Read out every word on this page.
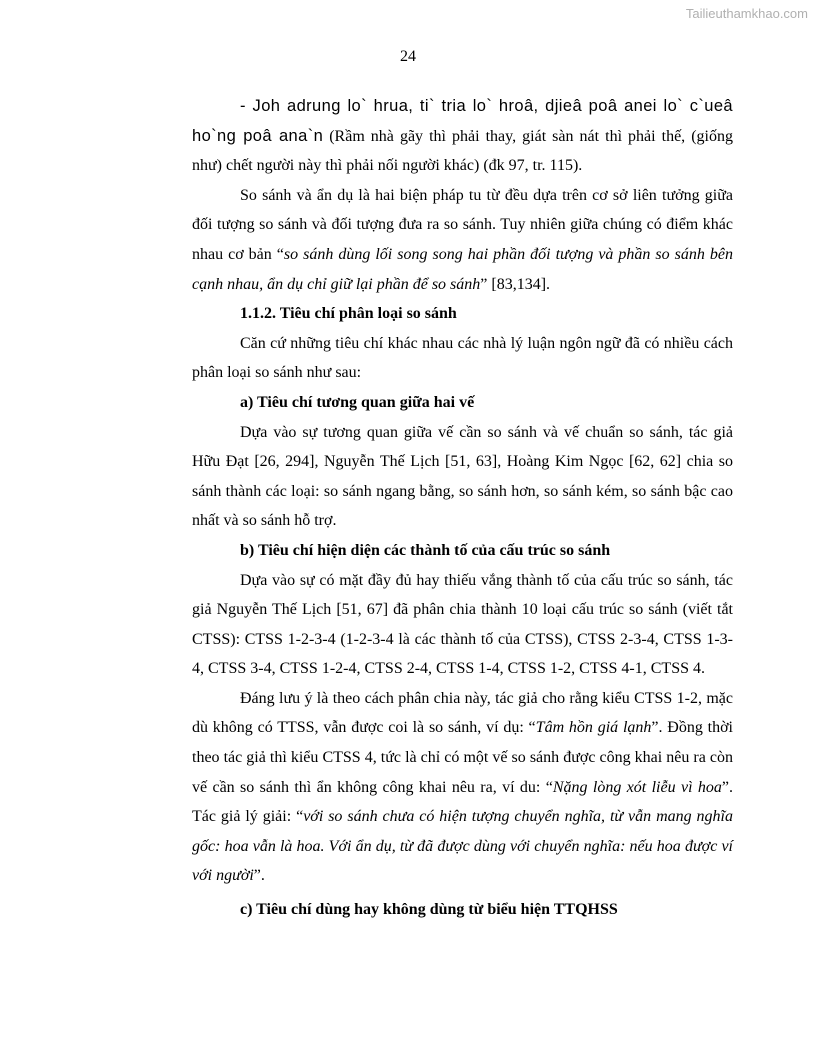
Tailieuthamkhao.com
24

- Joh adrung lo` hrua, ti` tria lo` hroâ, djieâ poâ anei lo` c`ueâ ho`ng poâ ana`n (Rầm nhà gãy thì phải thay, giát sàn nát thì phải thế, (giống như) chết người này thì phải nối người khác) (đk 97, tr. 115).

So sánh và ẩn dụ là hai biện pháp tu từ đều dựa trên cơ sở liên tưởng giữa đối tượng so sánh và đối tượng đưa ra so sánh. Tuy nhiên giữa chúng có điểm khác nhau cơ bản “so sánh dùng lối song song hai phần đối tượng và phần so sánh bên cạnh nhau, ẩn dụ chỉ giữ lại phần để so sánh” [83,134].

1.1.2. Tiêu chí phân loại so sánh

Căn cứ những tiêu chí khác nhau các nhà lý luận ngôn ngữ đã có nhiều cách phân loại so sánh như sau:

a) Tiêu chí tương quan giữa hai vế

Dựa vào sự tương quan giữa vế cần so sánh và vế chuẩn so sánh, tác giả Hữu Đạt [26, 294], Nguyễn Thế Lịch [51, 63], Hoàng Kim Ngọc [62, 62] chia so sánh thành các loại: so sánh ngang bằng, so sánh hơn, so sánh kém, so sánh bậc cao nhất và so sánh hỗ trợ.

b) Tiêu chí hiện diện các thành tố của cấu trúc so sánh

Dựa vào sự có mặt đầy đủ hay thiếu vắng thành tố của cấu trúc so sánh, tác giả Nguyễn Thế Lịch [51, 67] đã phân chia thành 10 loại cấu trúc so sánh (viết tắt CTSS): CTSS 1-2-3-4 (1-2-3-4 là các thành tố của CTSS), CTSS 2-3-4, CTSS 1-3-4, CTSS 3-4, CTSS 1-2-4, CTSS 2-4, CTSS 1-4, CTSS 1-2, CTSS 4-1, CTSS 4.

Đáng lưu ý là theo cách phân chia này, tác giả cho rằng kiểu CTSS 1-2, mặc dù không có TTSS, vẫn được coi là so sánh, ví dụ: “Tâm hồn giá lạnh”. Đồng thời theo tác giả thì kiểu CTSS 4, tức là chỉ có một vế so sánh được công khai nêu ra còn vế cần so sánh thì ẩn không công khai nêu ra, ví du: “Nặng lòng xót liễu vì hoa”. Tác giả lý giải: “với so sánh chưa có hiện tượng chuyển nghĩa, từ vẫn mang nghĩa gốc: hoa vẫn là hoa. Với ẩn dụ, từ đã được dùng với chuyển nghĩa: nếu hoa được ví với người”.

c) Tiêu chí dùng hay không dùng từ biểu hiện TTQHSS
